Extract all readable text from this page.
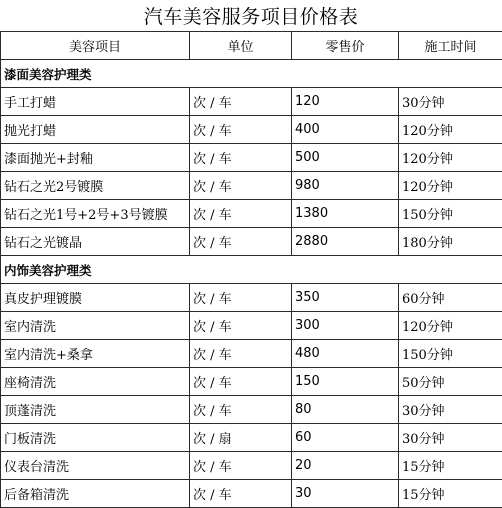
汽车美容服务项目价格表
美容项目	单位	零售价	施工时间
漆面美容护理类			
手工打蜡	次 / 车	120	30分钟
抛光打蜡	次 / 车	400	120分钟
漆面抛光+封釉	次 / 车	500	120分钟
钻石之光2号镀膜	次 / 车	980	120分钟
钻石之光1号+2号+3号镀膜	次 / 车	1380	150分钟
钻石之光镀晶	次 / 车	2880	180分钟
内饰美容护理类			
真皮护理镀膜	次 / 车	350	60分钟
室内清洗	次 / 车	300	120分钟
室内清洗+桑拿	次 / 车	480	150分钟
座椅清洗	次 / 车	150	50分钟
顶蓬清洗	次 / 车	80	30分钟
门板清洗	次 / 扇	60	30分钟
仪表台清洗	次 / 车	20	15分钟
后备箱清洗	次 / 车	30	15分钟
